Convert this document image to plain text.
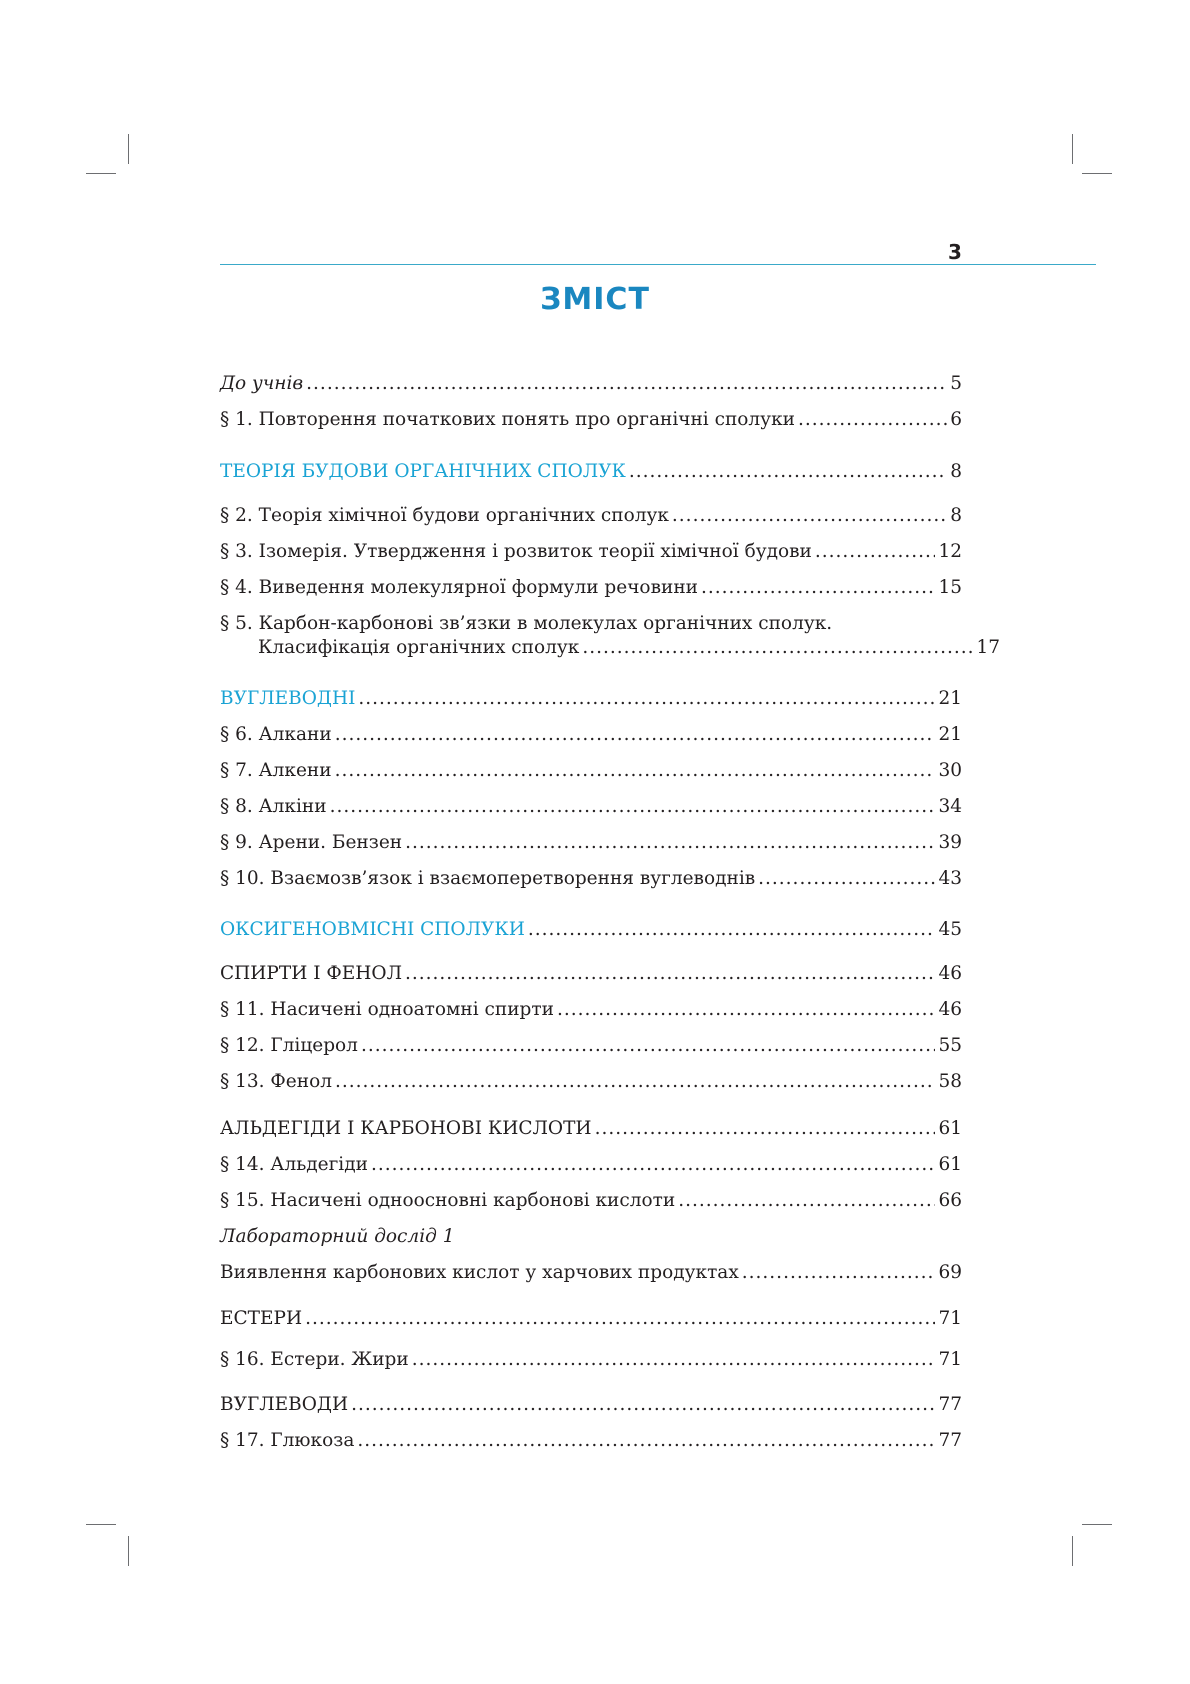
3
ЗМІСТ
До учнів .....	5
§ 1. Повторення початкових понять про органічні сполуки .....	6
ТЕОРІЯ БУДОВИ ОРГАНІЧНИХ СПОЛУК .....	8
§ 2. Теорія хімічної будови органічних сполук .....	8
§ 3. Ізомерія. Утвердження і розвиток теорії хімічної будови .....	12
§ 4. Виведення молекулярної формули речовини .....	15
§ 5. Карбон-карбонові зв’язки в молекулах органічних сполук.
Класифікація органічних сполук .....	17
ВУГЛЕВОДНІ .....	21
§ 6. Алкани .....	21
§ 7. Алкени .....	30
§ 8. Алкіни .....	34
§ 9. Арени. Бензен .....	39
§ 10. Взаємозв’язок і взаємоперетворення вуглеводнів .....	43
ОКСИГЕНОВМІСНІ СПОЛУКИ .....	45
СПИРТИ І ФЕНОЛ .....	46
§ 11. Насичені одноатомні спирти .....	46
§ 12. Гліцерол .....	55
§ 13. Фенол .....	58
АЛЬДЕГІДИ І КАРБОНОВІ КИСЛОТИ .....	61
§ 14. Альдегіди .....	61
§ 15. Насичені одноосновні карбонові кислоти .....	66
Лабораторний дослід 1
Виявлення карбонових кислот у харчових продуктах .....	69
ЕСТЕРИ .....	71
§ 16. Естери. Жири .....	71
ВУГЛЕВОДИ .....	77
§ 17. Глюкоза .....	77
